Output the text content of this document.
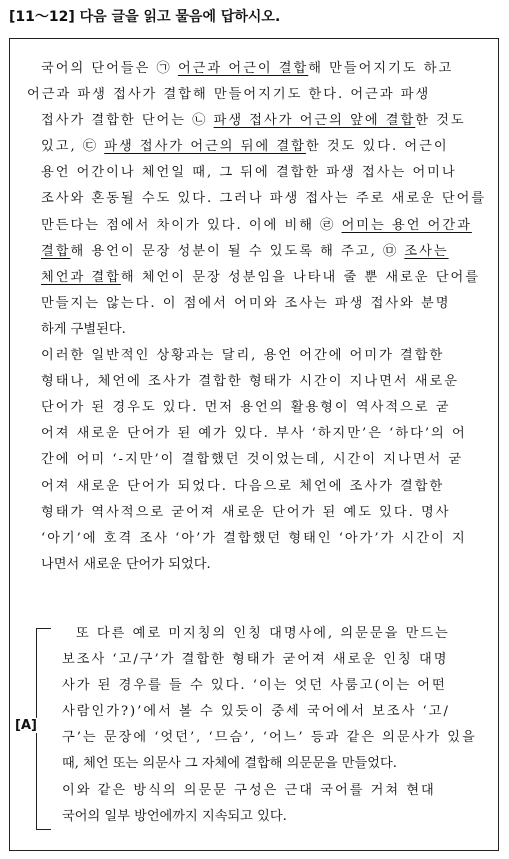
[11～12] 다음 글을 읽고 물음에 답하시오.

국어의 단어들은 ㉠ 어근과 어근이 결합해 만들어지기도 하고
어근과 파생 접사가 결합해 만들어지기도 한다. 어근과 파생
접사가 결합한 단어는 ㉡ 파생 접사가 어근의 앞에 결합한 것도
있고, ㉢ 파생 접사가 어근의 뒤에 결합한 것도 있다. 어근이
용언 어간이나 체언일 때, 그 뒤에 결합한 파생 접사는 어미나
조사와 혼동될 수도 있다. 그러나 파생 접사는 주로 새로운 단어를
만든다는 점에서 차이가 있다. 이에 비해 ㉣ 어미는 용언 어간과
결합해 용언이 문장 성분이 될 수 있도록 해 주고, ㉤ 조사는
체언과 결합해 체언이 문장 성분임을 나타내 줄 뿐 새로운 단어를
만들지는 않는다. 이 점에서 어미와 조사는 파생 접사와 분명
하게 구별된다.

이러한 일반적인 상황과는 달리, 용언 어간에 어미가 결합한
형태나, 체언에 조사가 결합한 형태가 시간이 지나면서 새로운
단어가 된 경우도 있다. 먼저 용언의 활용형이 역사적으로 굳
어져 새로운 단어가 된 예가 있다. 부사 ‘하지만’은 ‘하다’의 어
간에 어미 ‘-지만’이 결합했던 것이었는데, 시간이 지나면서 굳
어져 새로운 단어가 되었다. 다음으로 체언에 조사가 결합한
형태가 역사적으로 굳어져 새로운 단어가 된 예도 있다. 명사
‘아기’에 호격 조사 ‘아’가 결합했던 형태인 ‘아가’가 시간이 지
나면서 새로운 단어가 되었다.

[A]
또 다른 예로 미지칭의 인칭 대명사에, 의문문을 만드는
보조사 ‘고/구’가 결합한 형태가 굳어져 새로운 인칭 대명
사가 된 경우를 들 수 있다. ‘이는 엇던 사룸고(이는 어떤
사람인가?)’에서 볼 수 있듯이 중세 국어에서 보조사 ‘고/
구’는 문장에 ‘엇던’, ‘므슴’, ‘어느’ 등과 같은 의문사가 있을
때, 체언 또는 의문사 그 자체에 결합해 의문문을 만들었다.
이와 같은 방식의 의문문 구성은 근대 국어를 거쳐 현대
국어의 일부 방언에까지 지속되고 있다.
